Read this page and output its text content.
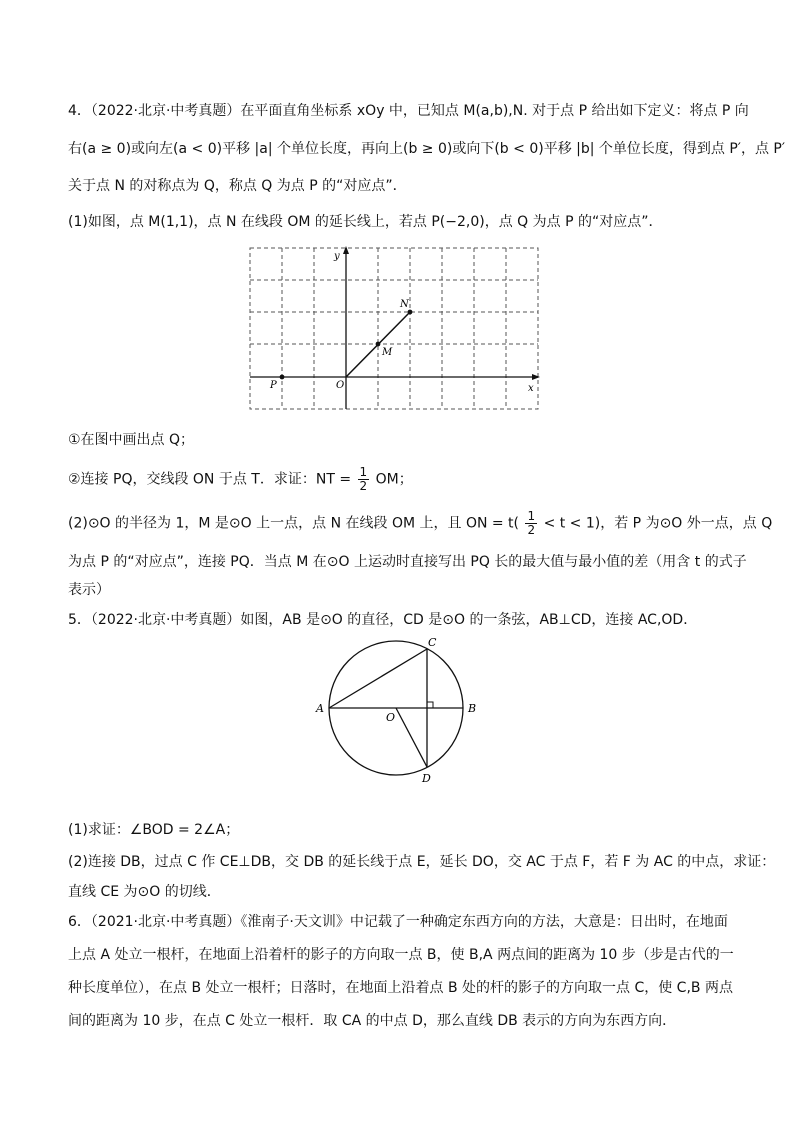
4．（2022·北京·中考真题）在平面直角坐标系 xOy 中，已知点 M(a,b),N. 对于点 P 给出如下定义：将点 P 向
右(a ≥ 0)或向左(a < 0)平移 |a| 个单位长度，再向上(b ≥ 0)或向下(b < 0)平移 |b| 个单位长度，得到点 P′，点 P′
关于点 N 的对称点为 Q，称点 Q 为点 P 的“对应点”．
(1)如图，点 M(1,1)，点 N 在线段 OM 的延长线上，若点 P(−2,0)，点 Q 为点 P 的“对应点”．
y
x
O
P
M
N
①在图中画出点 Q；
②连接 PQ，交线段 ON 于点 T．求证：NT = $\frac{1}{2}$ OM；
(2)⊙O 的半径为 1，M 是⊙O 上一点，点 N 在线段 OM 上，且 ON = $t( \frac{1}{2} < t < 1)$，若 P 为⊙O 外一点，点 Q
为点 P 的“对应点”，连接 PQ．当点 M 在⊙O 上运动时直接写出 PQ 长的最大值与最小值的差（用含 t 的式子
表示）
5．（2022·北京·中考真题）如图，AB 是⊙O 的直径，CD 是⊙O 的一条弦，AB⊥CD，连接 AC,OD．
A	B
C
D
O
(1)求证：∠BOD = 2∠A；
(2)连接 DB，过点 C 作 CE⊥DB，交 DB 的延长线于点 E，延长 DO，交 AC 于点 F，若 F 为 AC 的中点，求证：
直线 CE 为⊙O 的切线．
6．（2021·北京·中考真题）《淮南子·天文训》中记载了一种确定东西方向的方法，大意是：日出时，在地面
上点 A 处立一根杆，在地面上沿着杆的影子的方向取一点 B，使 B,A 两点间的距离为 10 步（步是古代的一
种长度单位），在点 B 处立一根杆；日落时，在地面上沿着点 B 处的杆的影子的方向取一点 C，使 C,B 两点
间的距离为 10 步，在点 C 处立一根杆．取 CA 的中点 D，那么直线 DB 表示的方向为东西方向．
